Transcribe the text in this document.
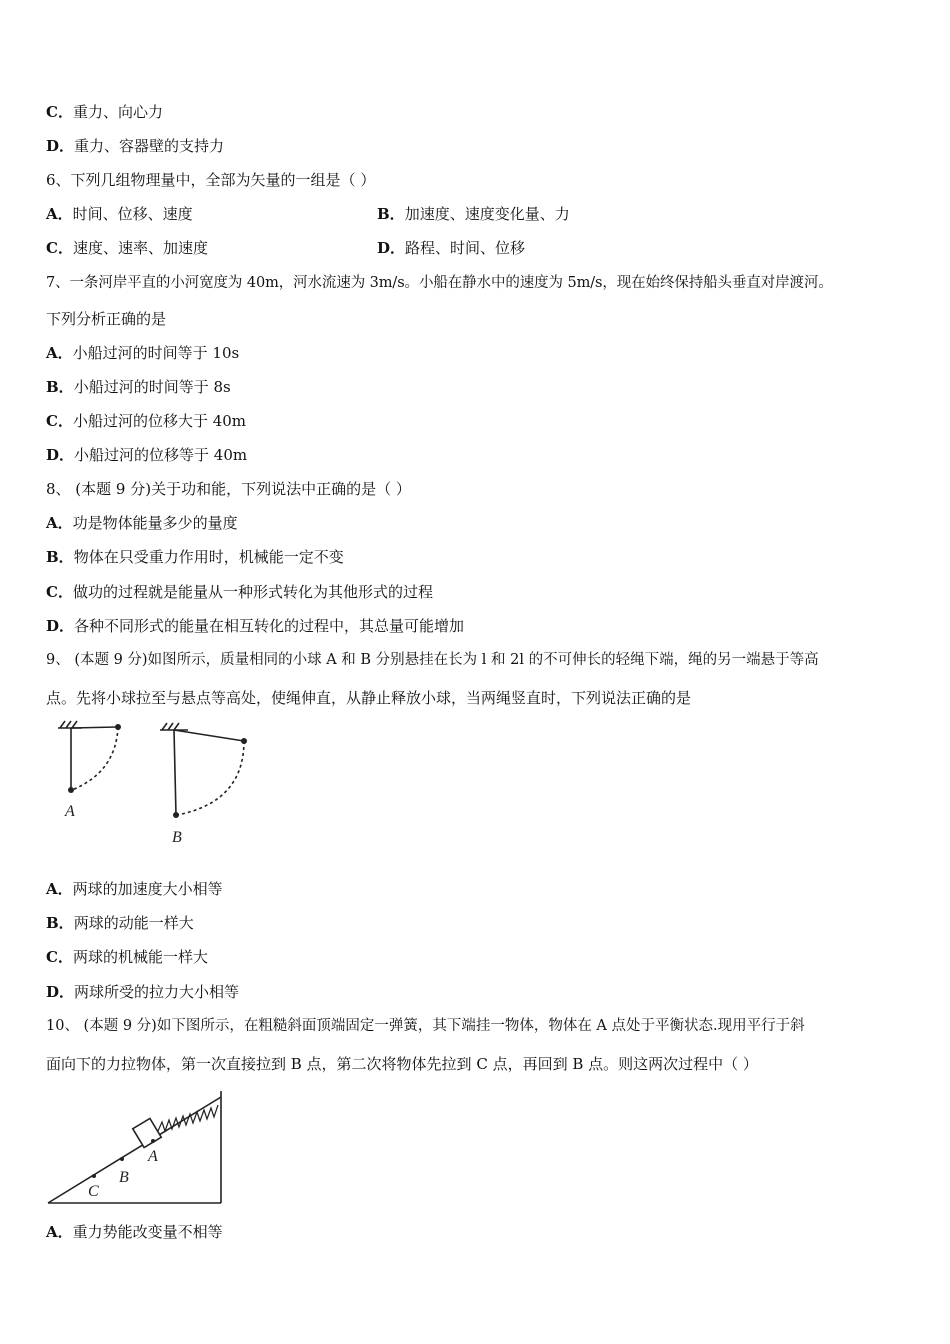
C．重力、向心力
D．重力、容器壁的支持力
6、下列几组物理量中，全部为矢量的一组是（ ）
A．时间、位移、速度	B．加速度、速度变化量、力
C．速度、速率、加速度	D．路程、时间、位移
7、一条河岸平直的小河宽度为 40m，河水流速为 3m/s。小船在静水中的速度为 5m/s，现在始终保持船头垂直对岸渡河。
下列分析正确的是
A．小船过河的时间等于 10s
B．小船过河的时间等于 8s
C．小船过河的位移大于 40m
D．小船过河的位移等于 40m
8、 (本题 9 分)关于功和能，下列说法中正确的是（ ）
A．功是物体能量多少的量度
B．物体在只受重力作用时，机械能一定不变
C．做功的过程就是能量从一种形式转化为其他形式的过程
D．各种不同形式的能量在相互转化的过程中，其总量可能增加
9、 (本题 9 分)如图所示，质量相同的小球 A 和 B 分别悬挂在长为 l 和 2l 的不可伸长的轻绳下端，绳的另一端悬于等高
点。先将小球拉至与悬点等高处，使绳伸直，从静止释放小球，当两绳竖直时，下列说法正确的是
A
B
A．两球的加速度大小相等
B．两球的动能一样大
C．两球的机械能一样大
D．两球所受的拉力大小相等
10、 (本题 9 分)如下图所示，在粗糙斜面顶端固定一弹簧，其下端挂一物体，物体在 A 点处于平衡状态.现用平行于斜
面向下的力拉物体，第一次直接拉到 B 点，第二次将物体先拉到 C 点，再回到 B 点。则这两次过程中（ ）
A
B
C
A．重力势能改变量不相等
